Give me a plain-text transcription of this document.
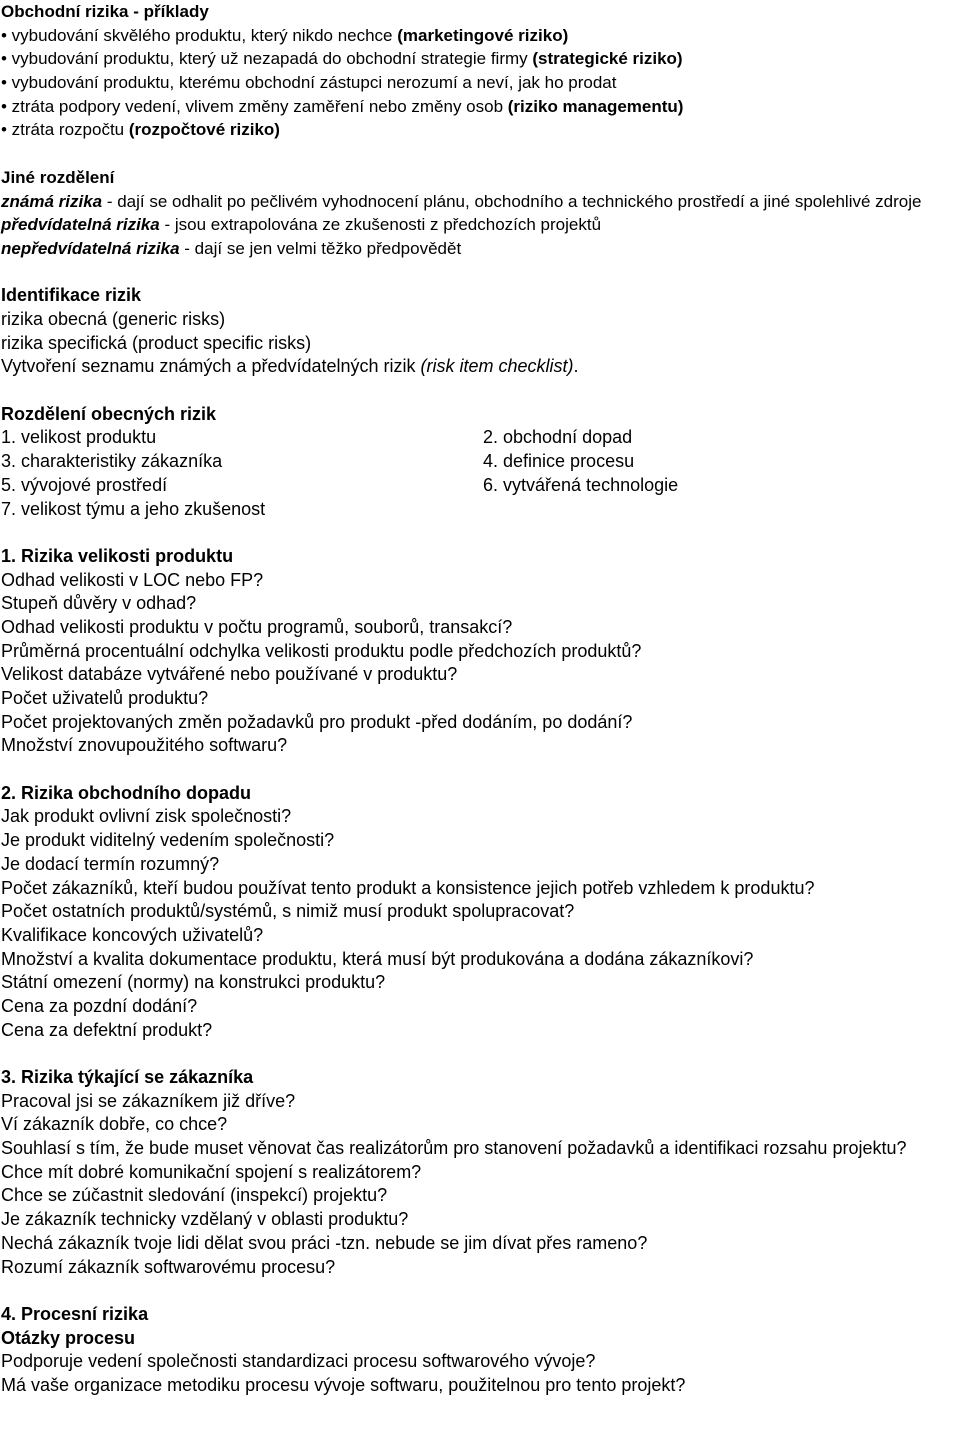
Obchodní rizika - příklady
• vybudování skvělého produktu, který nikdo nechce (marketingové riziko)
• vybudování produktu, který už nezapadá do obchodní strategie firmy (strategické riziko)
• vybudování produktu, kterému obchodní zástupci nerozumí a neví, jak ho prodat
• ztráta podpory vedení, vlivem změny zaměření nebo změny osob (riziko managementu)
• ztráta rozpočtu (rozpočtové riziko)
Jiné rozdělení
známá rizika - dají se odhalit po pečlivém vyhodnocení plánu, obchodního a technického prostředí a jiné spolehlivé zdroje
předvídatelná rizika - jsou extrapolována ze zkušenosti z předchozích projektů
nepředvídatelná rizika - dají se jen velmi těžko předpovědět
Identifikace rizik
rizika obecná (generic risks)
rizika specifická (product specific risks)
Vytvoření seznamu známých a předvídatelných rizik (risk item checklist).
Rozdělení obecných rizik
1. velikost produktu	2. obchodní dopad
3. charakteristiky zákazníka	4. definice procesu
5. vývojové prostředí	6. vytvářená technologie
7. velikost týmu a jeho zkušenost
1. Rizika velikosti produktu
Odhad velikosti v LOC nebo FP?
Stupeň důvěry v odhad?
Odhad velikosti produktu v počtu programů, souborů, transakcí?
Průměrná procentuální odchylka velikosti produktu podle předchozích produktů?
Velikost databáze vytvářené nebo používané v produktu?
Počet uživatelů produktu?
Počet projektovaných změn požadavků pro produkt -před dodáním, po dodání?
Množství znovupoužitého softwaru?
2. Rizika obchodního dopadu
Jak produkt ovlivní zisk společnosti?
Je produkt viditelný vedením společnosti?
Je dodací termín rozumný?
Počet zákazníků, kteří budou používat tento produkt a konsistence jejich potřeb vzhledem k produktu?
Počet ostatních produktů/systémů, s nimiž musí produkt spolupracovat?
Kvalifikace koncových uživatelů?
Množství a kvalita dokumentace produktu, která musí být produkována a dodána zákazníkovi?
Státní omezení (normy) na konstrukci produktu?
Cena za pozdní dodání?
Cena za defektní produkt?
3. Rizika týkající se zákazníka
Pracoval jsi se zákazníkem již dříve?
Ví zákazník dobře, co chce?
Souhlasí s tím, že bude muset věnovat čas realizátorům pro stanovení požadavků a identifikaci rozsahu projektu?
Chce mít dobré komunikační spojení s realizátorem?
Chce se zúčastnit sledování (inspekcí) projektu?
Je zákazník technicky vzdělaný v oblasti produktu?
Nechá zákazník tvoje lidi dělat svou práci -tzn. nebude se jim dívat přes rameno?
Rozumí zákazník softwarovému procesu?
4. Procesní rizika
Otázky procesu
Podporuje vedení společnosti standardizaci procesu softwarového vývoje?
Má vaše organizace metodiku procesu vývoje softwaru, použitelnou pro tento projekt?
